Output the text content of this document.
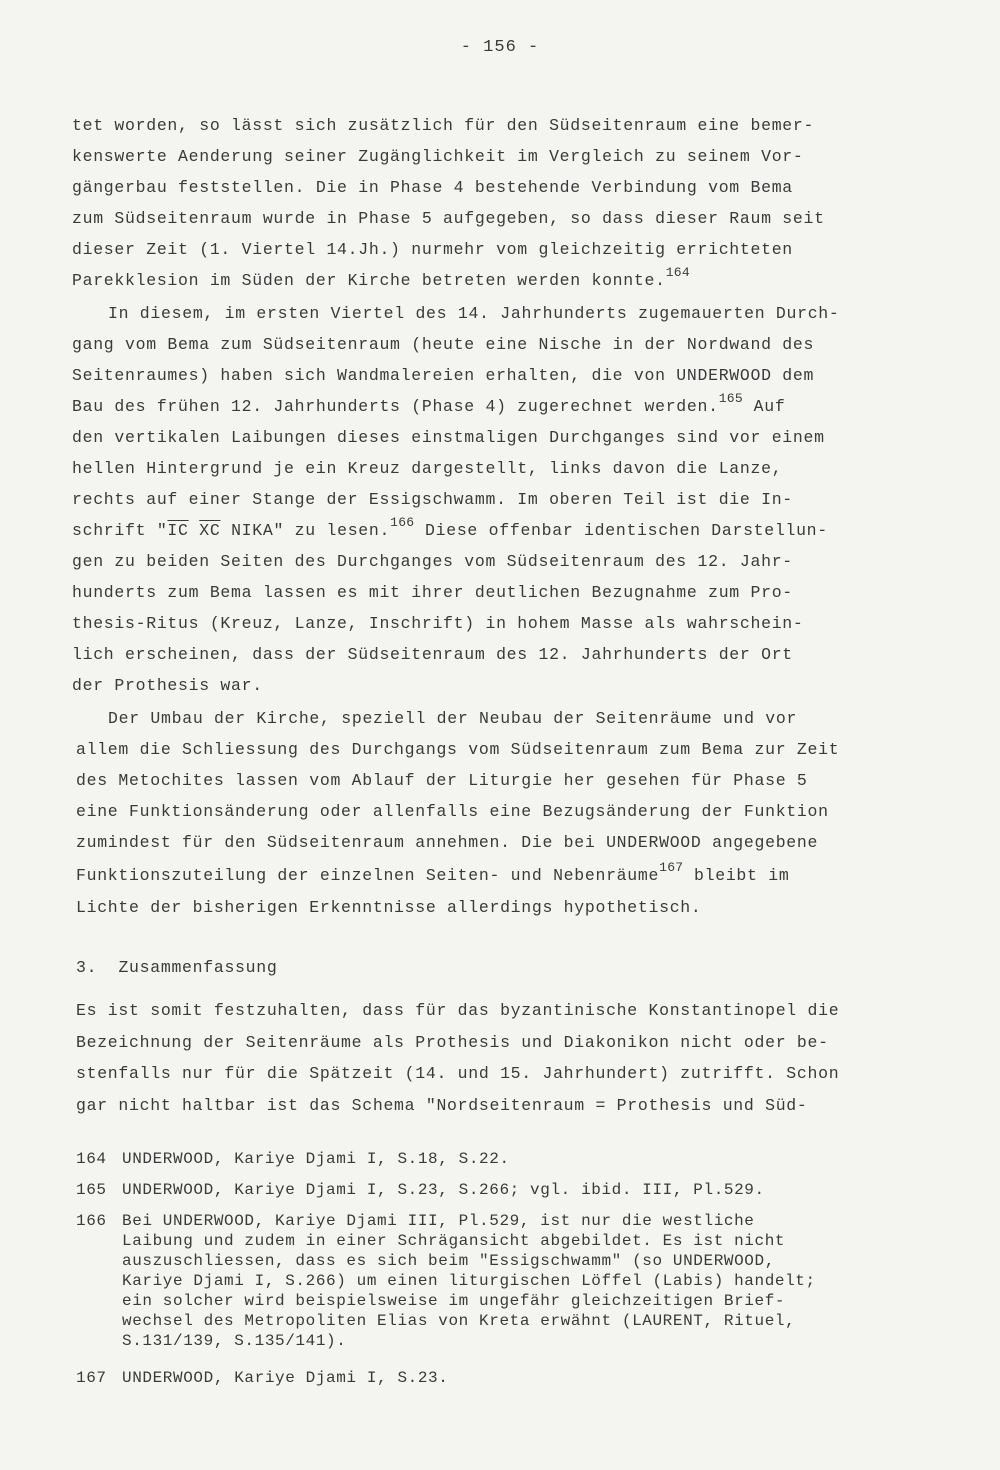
- 156 -
tet worden, so lässt sich zusätzlich für den Südseitenraum eine bemer-
kenswerte Aenderung seiner Zugänglichkeit im Vergleich zu seinem Vor-
gängerbau feststellen. Die in Phase 4 bestehende Verbindung vom Bema
zum Südseitenraum wurde in Phase 5 aufgegeben, so dass dieser Raum seit
dieser Zeit (1. Viertel 14.Jh.) nurmehr vom gleichzeitig errichteten
Parekklesion im Süden der Kirche betreten werden konnte.$^{164}$
In diesem, im ersten Viertel des 14. Jahrhunderts zugemauerten Durch-
gang vom Bema zum Südseitenraum (heute eine Nische in der Nordwand des
Seitenraumes) haben sich Wandmalereien erhalten, die von UNDERWOOD dem
Bau des frühen 12. Jahrhunderts (Phase 4) zugerechnet werden.$^{165}$ Auf
den vertikalen Laibungen dieses einstmaligen Durchganges sind vor einem
hellen Hintergrund je ein Kreuz dargestellt, links davon die Lanze,
rechts auf einer Stange der Essigschwamm. Im oberen Teil ist die In-
schrift "$\overline{IC}$ $\overline{XC}$ NIKA" zu lesen.$^{166}$ Diese offenbar identischen Darstellun-
gen zu beiden Seiten des Durchganges vom Südseitenraum des 12. Jahr-
hunderts zum Bema lassen es mit ihrer deutlichen Bezugnahme zum Pro-
thesis-Ritus (Kreuz, Lanze, Inschrift) in hohem Masse als wahrschein-
lich erscheinen, dass der Südseitenraum des 12. Jahrhunderts der Ort
der Prothesis war.
Der Umbau der Kirche, speziell der Neubau der Seitenräume und vor
allem die Schliessung des Durchgangs vom Südseitenraum zum Bema zur Zeit
des Metochites lassen vom Ablauf der Liturgie her gesehen für Phase 5
eine Funktionsänderung oder allenfalls eine Bezugsänderung der Funktion
zumindest für den Südseitenraum annehmen. Die bei UNDERWOOD angegebene
Funktionszuteilung der einzelnen Seiten- und Nebenräume$^{167}$ bleibt im
Lichte der bisherigen Erkenntnisse allerdings hypothetisch.
3. Zusammenfassung
Es ist somit festzuhalten, dass für das byzantinische Konstantinopel die
Bezeichnung der Seitenräume als Prothesis und Diakonikon nicht oder be-
stenfalls nur für die Spätzeit (14. und 15. Jahrhundert) zutrifft. Schon
gar nicht haltbar ist das Schema "Nordseitenraum = Prothesis und Süd-
164 UNDERWOOD, Kariye Djami I, S.18, S.22.
165 UNDERWOOD, Kariye Djami I, S.23, S.266; vgl. ibid. III, Pl.529.
166 Bei UNDERWOOD, Kariye Djami III, Pl.529, ist nur die westliche
Laibung und zudem in einer Schrägansicht abgebildet. Es ist nicht
auszuschliessen, dass es sich beim "Essigschwamm" (so UNDERWOOD,
Kariye Djami I, S.266) um einen liturgischen Löffel (Labis) handelt;
ein solcher wird beispielsweise im ungefähr gleichzeitigen Brief-
wechsel des Metropoliten Elias von Kreta erwähnt (LAURENT, Rituel,
S.131/139, S.135/141).
167 UNDERWOOD, Kariye Djami I, S.23.
